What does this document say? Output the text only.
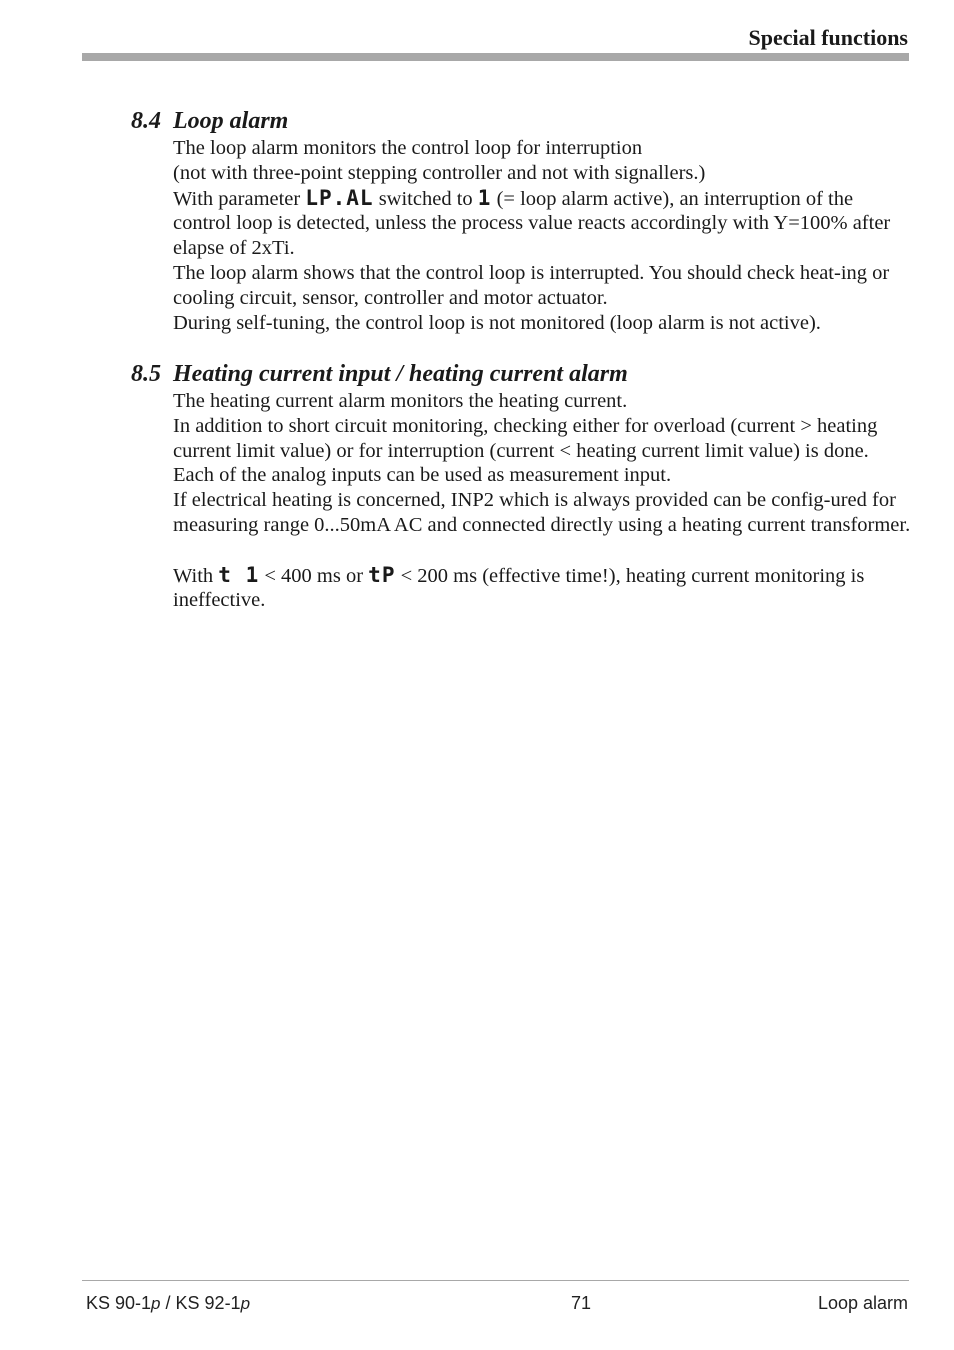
Special functions
8.4 Loop alarm

The loop alarm monitors the control loop for interruption
(not with three-point stepping controller and not with signallers.)

With parameter LP.AL switched to 1 (= loop alarm active), an interruption of the control loop is detected, unless the process value reacts accordingly with Y=100% after elapse of 2xTi.

The loop alarm shows that the control loop is interrupted. You should check heat-ing or cooling circuit, sensor, controller and motor actuator.

During self-tuning, the control loop is not monitored (loop alarm is not active).

8.5 Heating current input / heating current alarm

The heating current alarm monitors the heating current.

In addition to short circuit monitoring, checking either for overload (current > heating current limit value) or for interruption (current < heating current limit value) is done.

Each of the analog inputs can be used as measurement input.

If electrical heating is concerned, INP2 which is always provided can be config-ured for measuring range 0...50mA AC and connected directly using a heating current transformer.

With t 1 < 400 ms or tP < 200 ms (effective time!), heating current monitoring is ineffective.

KS 90-1p / KS 92-1p	71	Loop alarm
